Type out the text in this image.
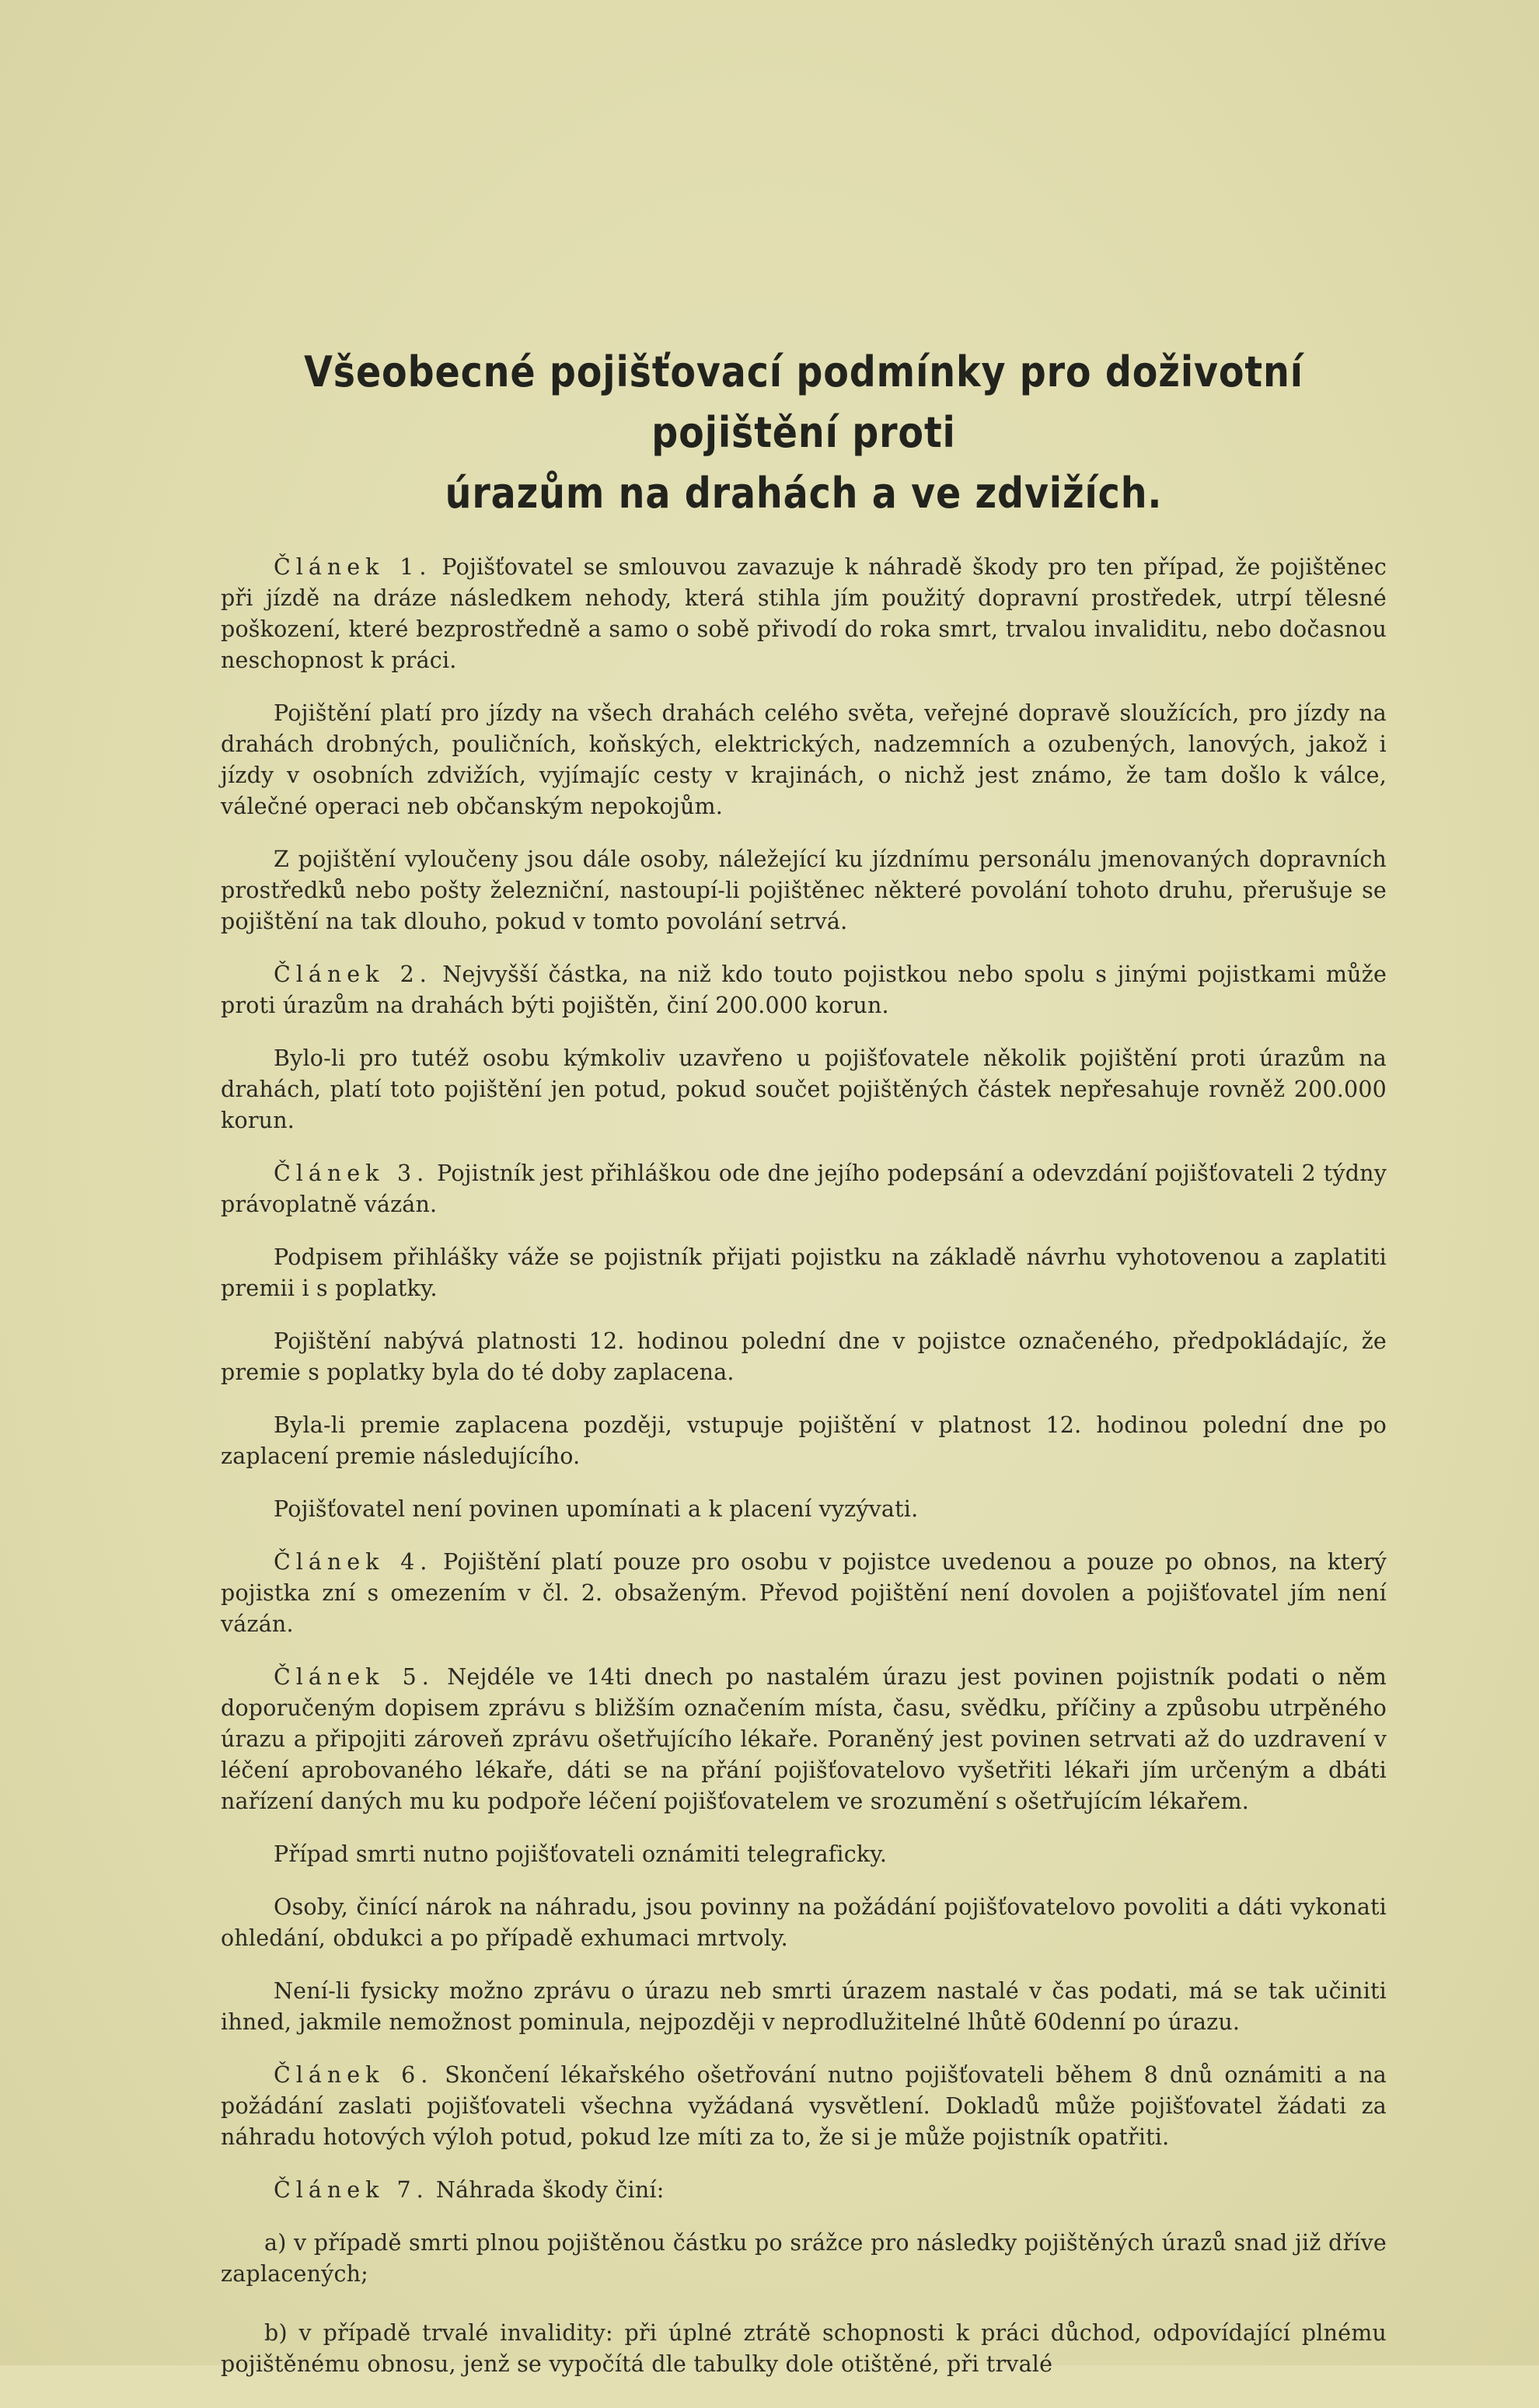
Všeobecné pojišťovací podmínky pro doživotní pojištění proti
úrazům na drahách a ve zdvižích.

Článek 1. Pojišťovatel se smlouvou zavazuje k náhradě škody pro ten případ, že pojištěnec při jízdě na dráze následkem nehody, která stihla jím použitý dopravní prostředek, utrpí tělesné poškození, které bezprostředně a samo o sobě přivodí do roka smrt, trvalou invaliditu, nebo dočasnou neschopnost k práci.

Pojištění platí pro jízdy na všech drahách celého světa, veřejné dopravě sloužících, pro jízdy na drahách drobných, pouličních, koňských, elektrických, nadzemních a ozubených, lanových, jakož i jízdy v osobních zdvižích, vyjímajíc cesty v krajinách, o nichž jest známo, že tam došlo k válce, válečné operaci neb občanským nepokojům.

Z pojištění vyloučeny jsou dále osoby, náležející ku jízdnímu personálu jmenovaných dopravních prostředků nebo pošty železniční, nastoupí-li pojištěnec některé povolání tohoto druhu, přerušuje se pojištění na tak dlouho, pokud v tomto povolání setrvá.

Článek 2. Nejvyšší částka, na niž kdo touto pojistkou nebo spolu s jinými pojistkami může proti úrazům na drahách býti pojištěn, činí 200.000 korun.

Bylo-li pro tutéž osobu kýmkoliv uzavřeno u pojišťovatele několik pojištění proti úrazům na drahách, platí toto pojištění jen potud, pokud součet pojištěných částek nepřesahuje rovněž 200.000 korun.

Článek 3. Pojistník jest přihláškou ode dne jejího podepsání a odevzdání pojišťovateli 2 týdny právoplatně vázán.

Podpisem přihlášky váže se pojistník přijati pojistku na základě návrhu vyhotovenou a zaplatiti premii i s poplatky.

Pojištění nabývá platnosti 12. hodinou polední dne v pojistce označeného, předpokládajíc, že premie s poplatky byla do té doby zaplacena.

Byla-li premie zaplacena později, vstupuje pojištění v platnost 12. hodinou polední dne po zaplacení premie následujícího.

Pojišťovatel není povinen upomínati a k placení vyzývati.

Článek 4. Pojištění platí pouze pro osobu v pojistce uvedenou a pouze po obnos, na který pojistka zní s omezením v čl. 2. obsaženým. Převod pojištění není dovolen a pojišťovatel jím není vázán.

Článek 5. Nejdéle ve 14ti dnech po nastalém úrazu jest povinen pojistník podati o něm doporučeným dopisem zprávu s bližším označením místa, času, svědku, příčiny a způsobu utrpěného úrazu a připojiti zároveň zprávu ošetřujícího lékaře. Poraněný jest povinen setrvati až do uzdravení v léčení aprobovaného lékaře, dáti se na přání pojišťovatelovo vyšetřiti lékaři jím určeným a dbáti nařízení daných mu ku podpoře léčení pojišťovatelem ve srozumění s ošetřujícím lékařem.

Případ smrti nutno pojišťovateli oznámiti telegraficky.

Osoby, činící nárok na náhradu, jsou povinny na požádání pojišťovatelovo povoliti a dáti vykonati ohledání, obdukci a po případě exhumaci mrtvoly.

Není-li fysicky možno zprávu o úrazu neb smrti úrazem nastalé v čas podati, má se tak učiniti ihned, jakmile nemožnost pominula, nejpozději v neprodlužitelné lhůtě 60denní po úrazu.

Článek 6. Skončení lékařského ošetřování nutno pojišťovateli během 8 dnů oznámiti a na požádání zaslati pojišťovateli všechna vyžádaná vysvětlení. Dokladů může pojišťovatel žádati za náhradu hotových výloh potud, pokud lze míti za to, že si je může pojistník opatřiti.

Článek 7. Náhrada škody činí:

a) v případě smrti plnou pojištěnou částku po srážce pro následky pojištěných úrazů snad již dříve zaplacených;

b) v případě trvalé invalidity: při úplné ztrátě schopnosti k práci důchod, odpovídající plnému pojištěnému obnosu, jenž se vypočítá dle tabulky dole otištěné, při trvalé
